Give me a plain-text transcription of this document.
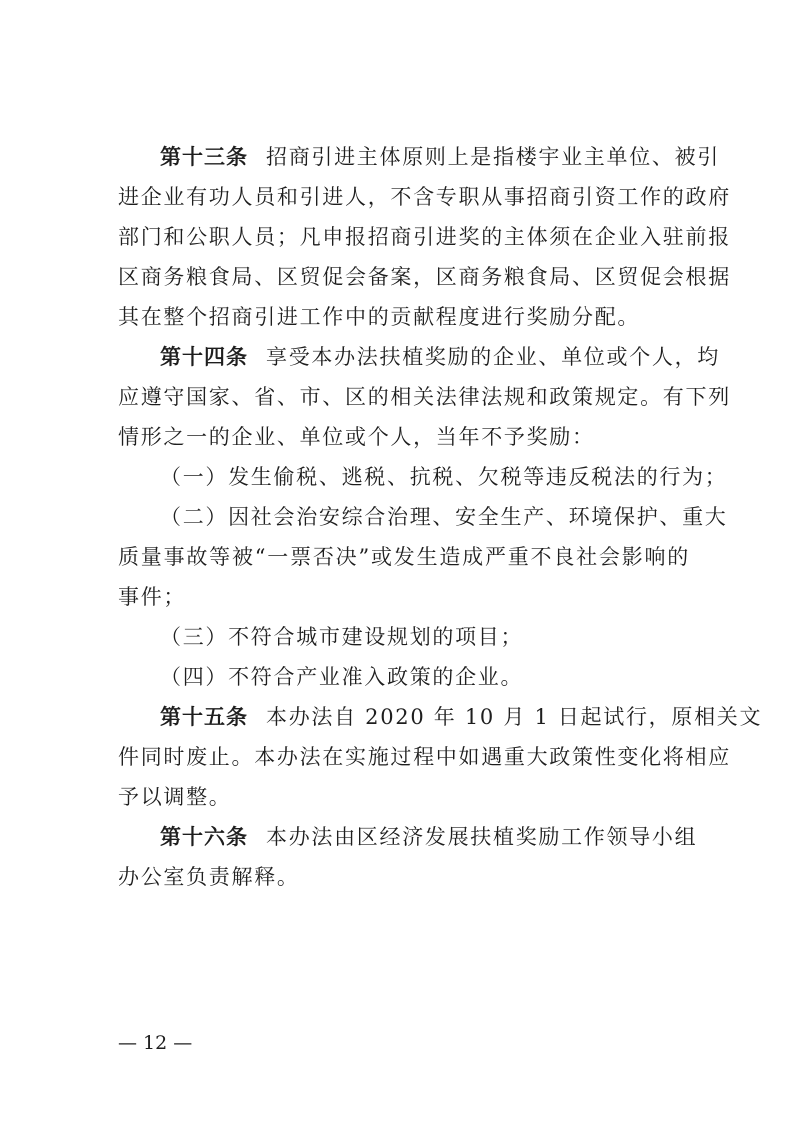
第十三条 招商引进主体原则上是指楼宇业主单位、被引
进企业有功人员和引进人，不含专职从事招商引资工作的政府
部门和公职人员；凡申报招商引进奖的主体须在企业入驻前报
区商务粮食局、区贸促会备案，区商务粮食局、区贸促会根据
其在整个招商引进工作中的贡献程度进行奖励分配。
第十四条 享受本办法扶植奖励的企业、单位或个人，均
应遵守国家、省、市、区的相关法律法规和政策规定。有下列
情形之一的企业、单位或个人，当年不予奖励：
（一）发生偷税、逃税、抗税、欠税等违反税法的行为；
（二）因社会治安综合治理、安全生产、环境保护、重大
质量事故等被“一票否决”或发生造成严重不良社会影响的
事件；
（三）不符合城市建设规划的项目；
（四）不符合产业准入政策的企业。
第十五条 本办法自 2020 年 10 月 1 日起试行，原相关文
件同时废止。本办法在实施过程中如遇重大政策性变化将相应
予以调整。
第十六条 本办法由区经济发展扶植奖励工作领导小组
办公室负责解释。
— 12 —
